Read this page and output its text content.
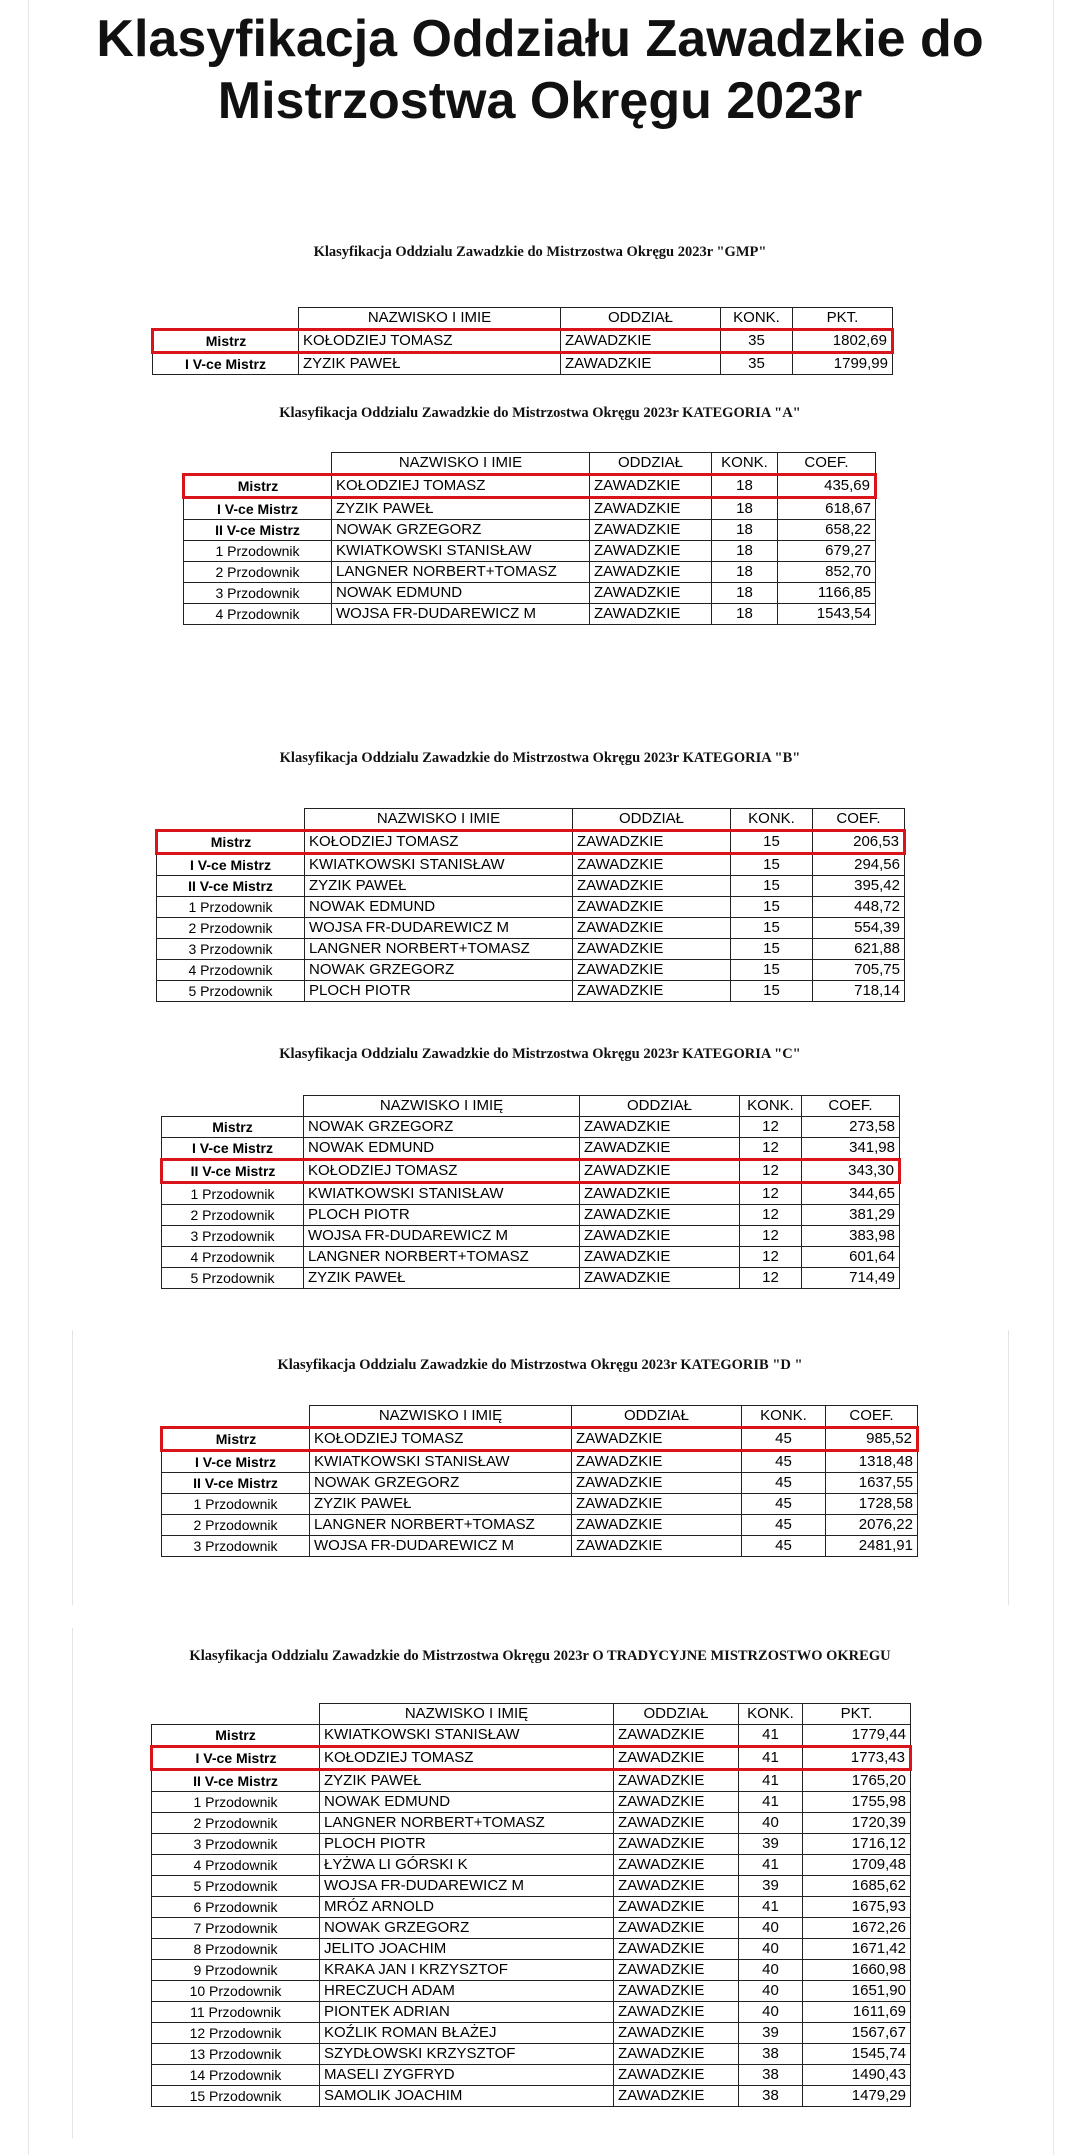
Klasyfikacja Oddziału Zawadzkie do Mistrzostwa Okręgu 2023r
Klasyfikacja Oddzialu Zawadzkie do Mistrzostwa Okręgu 2023r "GMP"
	NAZWISKO I IMIE	ODDZIAŁ	KONK.	PKT.
Mistrz	KOŁODZIEJ TOMASZ	ZAWADZKIE	35	1802,69
I V-ce Mistrz	ZYZIK PAWEŁ	ZAWADZKIE	35	1799,99
Klasyfikacja Oddzialu Zawadzkie do Mistrzostwa Okręgu 2023r KATEGORIA "A"
	NAZWISKO I IMIE	ODDZIAŁ	KONK.	COEF.
Mistrz	KOŁODZIEJ TOMASZ	ZAWADZKIE	18	435,69
I V-ce Mistrz	ZYZIK PAWEŁ	ZAWADZKIE	18	618,67
II V-ce Mistrz	NOWAK GRZEGORZ	ZAWADZKIE	18	658,22
1 Przodownik	KWIATKOWSKI STANISŁAW	ZAWADZKIE	18	679,27
2 Przodownik	LANGNER NORBERT+TOMASZ	ZAWADZKIE	18	852,70
3 Przodownik	NOWAK EDMUND	ZAWADZKIE	18	1166,85
4 Przodownik	WOJSA FR-DUDAREWICZ M	ZAWADZKIE	18	1543,54
Klasyfikacja Oddzialu Zawadzkie do Mistrzostwa Okręgu 2023r KATEGORIA "B"
	NAZWISKO I IMIE	ODDZIAŁ	KONK.	COEF.
Mistrz	KOŁODZIEJ TOMASZ	ZAWADZKIE	15	206,53
I V-ce Mistrz	KWIATKOWSKI STANISŁAW	ZAWADZKIE	15	294,56
II V-ce Mistrz	ZYZIK PAWEŁ	ZAWADZKIE	15	395,42
1 Przodownik	NOWAK EDMUND	ZAWADZKIE	15	448,72
2 Przodownik	WOJSA FR-DUDAREWICZ M	ZAWADZKIE	15	554,39
3 Przodownik	LANGNER NORBERT+TOMASZ	ZAWADZKIE	15	621,88
4 Przodownik	NOWAK GRZEGORZ	ZAWADZKIE	15	705,75
5 Przodownik	PLOCH PIOTR	ZAWADZKIE	15	718,14
Klasyfikacja Oddzialu Zawadzkie do Mistrzostwa Okręgu 2023r KATEGORIA "C"
	NAZWISKO I IMIĘ	ODDZIAŁ	KONK.	COEF.
Mistrz	NOWAK GRZEGORZ	ZAWADZKIE	12	273,58
I V-ce Mistrz	NOWAK EDMUND	ZAWADZKIE	12	341,98
II V-ce Mistrz	KOŁODZIEJ TOMASZ	ZAWADZKIE	12	343,30
1 Przodownik	KWIATKOWSKI STANISŁAW	ZAWADZKIE	12	344,65
2 Przodownik	PLOCH PIOTR	ZAWADZKIE	12	381,29
3 Przodownik	WOJSA FR-DUDAREWICZ M	ZAWADZKIE	12	383,98
4 Przodownik	LANGNER NORBERT+TOMASZ	ZAWADZKIE	12	601,64
5 Przodownik	ZYZIK PAWEŁ	ZAWADZKIE	12	714,49
Klasyfikacja Oddzialu Zawadzkie do Mistrzostwa Okręgu 2023r KATEGORIB "D "
	NAZWISKO I IMIĘ	ODDZIAŁ	KONK.	COEF.
Mistrz	KOŁODZIEJ TOMASZ	ZAWADZKIE	45	985,52
I V-ce Mistrz	KWIATKOWSKI STANISŁAW	ZAWADZKIE	45	1318,48
II V-ce Mistrz	NOWAK GRZEGORZ	ZAWADZKIE	45	1637,55
1 Przodownik	ZYZIK PAWEŁ	ZAWADZKIE	45	1728,58
2 Przodownik	LANGNER NORBERT+TOMASZ	ZAWADZKIE	45	2076,22
3 Przodownik	WOJSA FR-DUDAREWICZ M	ZAWADZKIE	45	2481,91
Klasyfikacja Oddzialu Zawadzkie do Mistrzostwa Okręgu 2023r O TRADYCYJNE MISTRZOSTWO OKREGU
	NAZWISKO I IMIĘ	ODDZIAŁ	KONK.	PKT.
Mistrz	KWIATKOWSKI STANISŁAW	ZAWADZKIE	41	1779,44
I V-ce Mistrz	KOŁODZIEJ TOMASZ	ZAWADZKIE	41	1773,43
II V-ce Mistrz	ZYZIK PAWEŁ	ZAWADZKIE	41	1765,20
1 Przodownik	NOWAK EDMUND	ZAWADZKIE	41	1755,98
2 Przodownik	LANGNER NORBERT+TOMASZ	ZAWADZKIE	40	1720,39
3 Przodownik	PLOCH PIOTR	ZAWADZKIE	39	1716,12
4 Przodownik	ŁYŻWA LI GÓRSKI K	ZAWADZKIE	41	1709,48
5 Przodownik	WOJSA FR-DUDAREWICZ M	ZAWADZKIE	39	1685,62
6 Przodownik	MRÓZ ARNOLD	ZAWADZKIE	41	1675,93
7 Przodownik	NOWAK GRZEGORZ	ZAWADZKIE	40	1672,26
8 Przodownik	JELITO JOACHIM	ZAWADZKIE	40	1671,42
9 Przodownik	KRAKA JAN I KRZYSZTOF	ZAWADZKIE	40	1660,98
10 Przodownik	HRECZUCH ADAM	ZAWADZKIE	40	1651,90
11 Przodownik	PIONTEK ADRIAN	ZAWADZKIE	40	1611,69
12 Przodownik	KOŹLIK ROMAN BŁAŻEJ	ZAWADZKIE	39	1567,67
13 Przodownik	SZYDŁOWSKI KRZYSZTOF	ZAWADZKIE	38	1545,74
14 Przodownik	MASELI ZYGFRYD	ZAWADZKIE	38	1490,43
15 Przodownik	SAMOLIK JOACHIM	ZAWADZKIE	38	1479,29
